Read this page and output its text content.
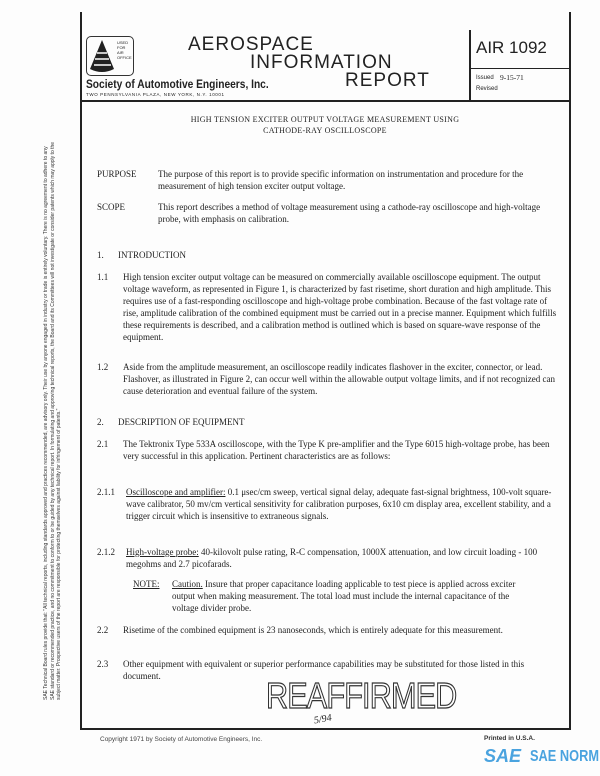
USED FOR AIR OFFICE
AEROSPACE
INFORMATION
REPORT
Society of Automotive Engineers, Inc.
TWO PENNSYLVANIA PLAZA, NEW YORK, N.Y. 10001
AIR 1092
Issued 9-15-71
Revised
SAE Technical Board rules provide that: "All technical reports, including standards approved and practices recommended, are advisory only. Their use by anyone engaged in industry or trade is entirely voluntary. There is no agreement to adhere to any SAE standard or recommended practice, and no commitment to conform to or be guided by any technical report. In formulating and approving technical reports, the Board and its Committees will not investigate or consider patents which may apply to the subject matter. Prospective users of the report are responsible for protecting themselves against liability for infringement of patents."
HIGH TENSION EXCITER OUTPUT VOLTAGE MEASUREMENT USING
CATHODE-RAY OSCILLOSCOPE
PURPOSE The purpose of this report is to provide specific information on instrumentation and procedure for the measurement of high tension exciter output voltage.
SCOPE	This report describes a method of voltage measurement using a cathode-ray oscilloscope and high-voltage probe, with emphasis on calibration.
1. INTRODUCTION
1.1 High tension exciter output voltage can be measured on commercially available oscilloscope equipment. The output voltage waveform, as represented in Figure 1, is characterized by fast risetime, short duration and high amplitude. This requires use of a fast-responding oscilloscope and high-voltage probe combination. Because of the fast voltage rate of rise, amplitude calibration of the combined equipment must be carried out in a precise manner. Equipment which fulfills these requirements is described, and a calibration method is outlined which is based on square-wave response of the equipment.
1.2 Aside from the amplitude measurement, an oscilloscope readily indicates flashover in the exciter, connector, or lead. Flashover, as illustrated in Figure 2, can occur well within the allowable output voltage limits, and if not recognized can cause deterioration and eventual failure of the system.
2. DESCRIPTION OF EQUIPMENT
2.1 The Tektronix Type 533A oscilloscope, with the Type K pre-amplifier and the Type 6015 high-voltage probe, has been very successful in this application. Pertinent characteristics are as follows:
2.1.1 Oscilloscope and amplifier: 0.1 μsec/cm sweep, vertical signal delay, adequate fast-signal brightness, 100-volt square-wave calibrator, 50 mv/cm vertical sensitivity for calibration purposes, 6x10 cm display area, excellent stability, and a trigger circuit which is insensitive to extraneous signals.
2.1.2 High-voltage probe: 40-kilovolt pulse rating, R-C compensation, 1000X attenuation, and low circuit loading - 100 megohms and 2.7 picofarads.
NOTE: Caution. Insure that proper capacitance loading applicable to test piece is applied across exciter output when making measurement. The total load must include the internal capacitance of the voltage divider probe.
2.2 Risetime of the combined equipment is 23 nanoseconds, which is entirely adequate for this measurement.
2.3 Other equipment with equivalent or superior performance capabilities may be substituted for those listed in this document.	REAFFIRMED
5/94
Copyright 1971 by Society of Automotive Engineers, Inc.	Printed in U.S.A.
SAE SAE NORM
